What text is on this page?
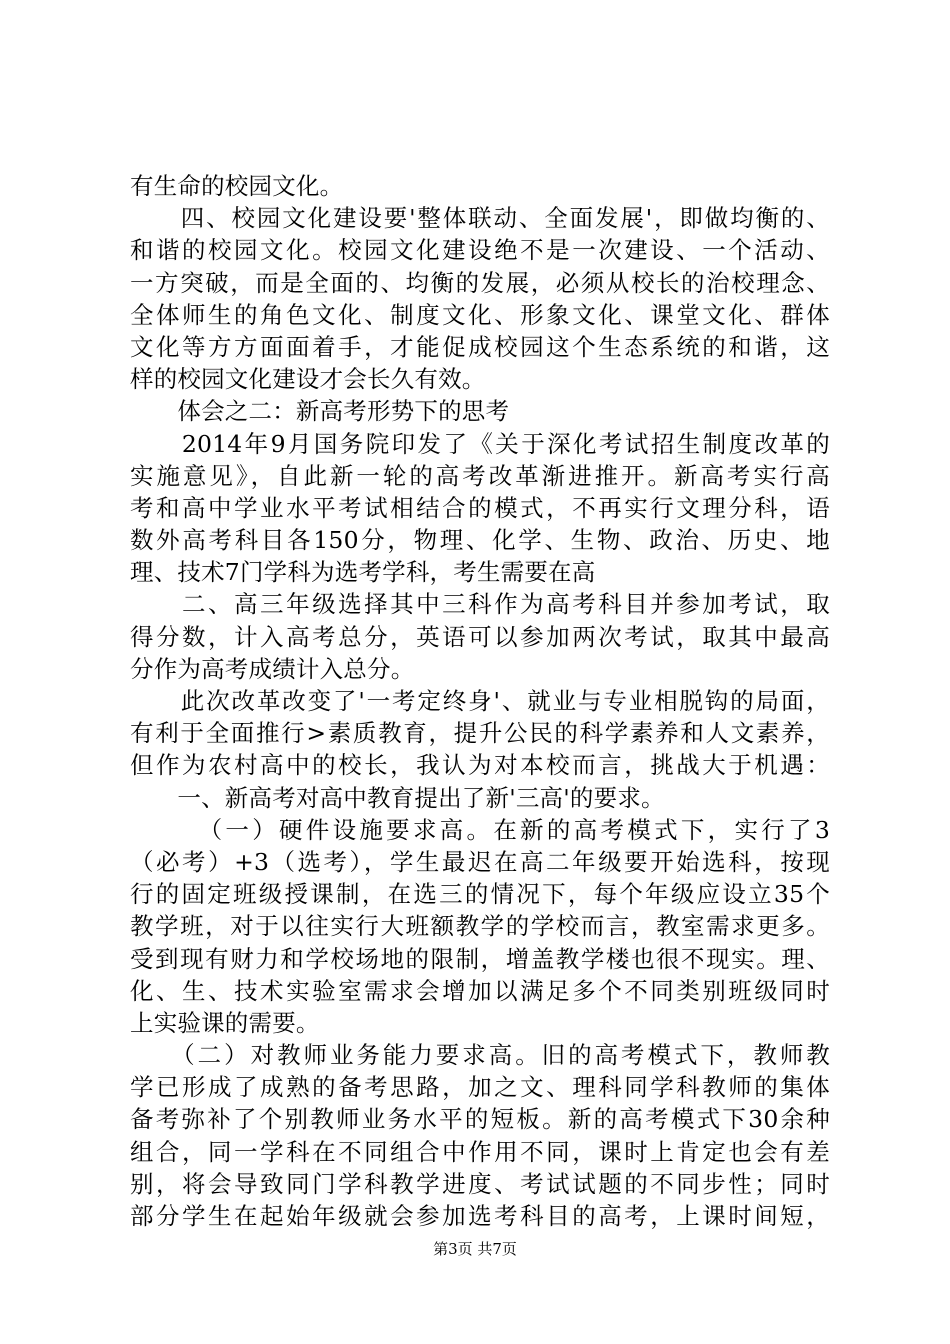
有生命的校园文化。
　　四、校园文化建设要'整体联动、全面发展'，即做均衡的、
和谐的校园文化。校园文化建设绝不是一次建设、一个活动、
一方突破，而是全面的、均衡的发展，必须从校长的治校理念、
全体师生的角色文化、制度文化、形象文化、课堂文化、群体
文化等方方面面着手，才能促成校园这个生态系统的和谐，这
样的校园文化建设才会长久有效。
　　体会之二：新高考形势下的思考
　　2014年9月国务院印发了《关于深化考试招生制度改革的
实施意见》，自此新一轮的高考改革渐进推开。新高考实行高
考和高中学业水平考试相结合的模式，不再实行文理分科，语
数外高考科目各150分，物理、化学、生物、政治、历史、地
理、技术7门学科为选考学科，考生需要在高
　　二、高三年级选择其中三科作为高考科目并参加考试，取
得分数，计入高考总分，英语可以参加两次考试，取其中最高
分作为高考成绩计入总分。
　　此次改革改变了'一考定终身'、就业与专业相脱钩的局面，
有利于全面推行>素质教育，提升公民的科学素养和人文素养，
但作为农村高中的校长，我认为对本校而言，挑战大于机遇：
　　一、新高考对高中教育提出了新'三高'的要求。
　　　（一）硬件设施要求高。在新的高考模式下，实行了3
（必考）+3（选考），学生最迟在高二年级要开始选科，按现
行的固定班级授课制，在选三的情况下，每个年级应设立35个
教学班，对于以往实行大班额教学的学校而言，教室需求更多。
受到现有财力和学校场地的限制，增盖教学楼也很不现实。理、
化、生、技术实验室需求会增加以满足多个不同类别班级同时
上实验课的需要。
　　（二）对教师业务能力要求高。旧的高考模式下，教师教
学已形成了成熟的备考思路，加之文、理科同学科教师的集体
备考弥补了个别教师业务水平的短板。新的高考模式下30余种
组合，同一学科在不同组合中作用不同，课时上肯定也会有差
别，将会导致同门学科教学进度、考试试题的不同步性；同时
部分学生在起始年级就会参加选考科目的高考，上课时间短，
第3页 共7页
